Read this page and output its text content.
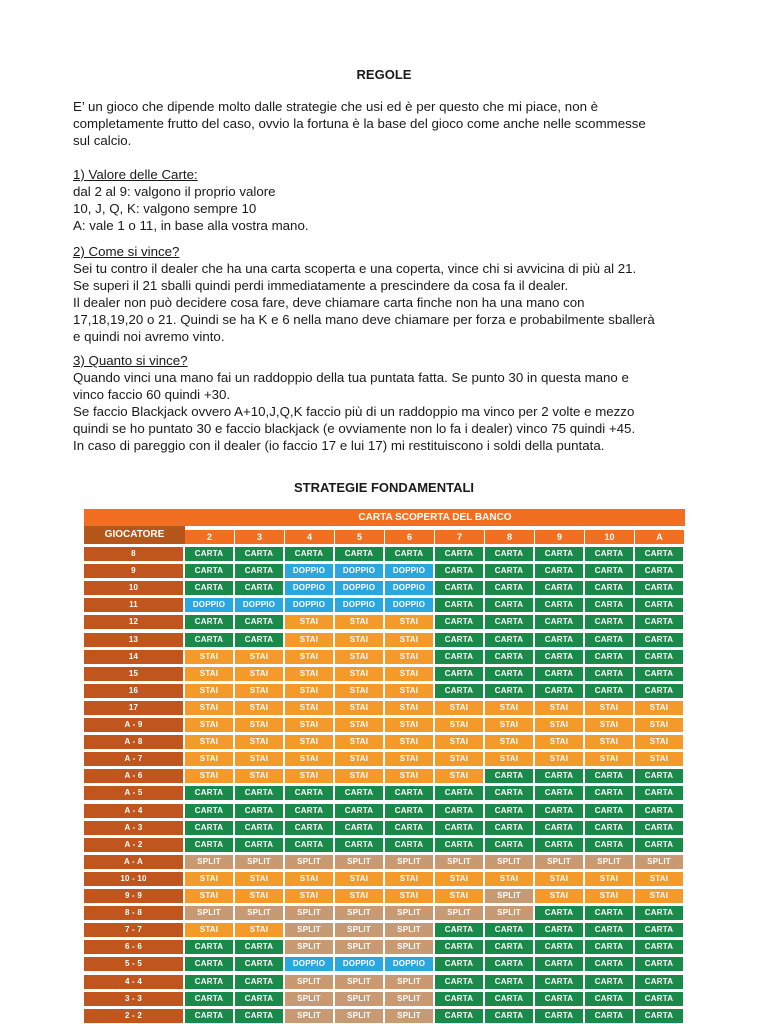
REGOLE

E’ un gioco che dipende molto dalle strategie che usi ed è per questo che mi piace, non è
completamente frutto del caso, ovvio la fortuna è la base del gioco come anche nelle scommesse
sul calcio.

1) Valore delle Carte:
dal 2 al 9: valgono il proprio valore
10, J, Q, K: valgono sempre 10
A: vale 1 o 11, in base alla vostra mano.

2) Come si vince?
Sei tu contro il dealer che ha una carta scoperta e una coperta, vince chi si avvicina di più al 21.
Se superi il 21 sballi quindi perdi immediatamente a prescindere da cosa fa il dealer.
Il dealer non può decidere cosa fare, deve chiamare carta finche non ha una mano con
17,18,19,20 o 21. Quindi se ha K e 6 nella mano deve chiamare per forza e probabilmente sballerà
e quindi noi avremo vinto.

3) Quanto si vince?
Quando vinci una mano fai un raddoppio della tua puntata fatta. Se punto 30 in questa mano e
vinco faccio 60 quindi +30.
Se faccio Blackjack ovvero A+10,J,Q,K faccio più di un raddoppio ma vinco per 2 volte e mezzo
quindi se ho puntato 30 e faccio blackjack (e ovviamente non lo fa i dealer) vinco 75 quindi +45.
In caso di pareggio con il dealer (io faccio 17 e lui 17) mi restituiscono i soldi della puntata.

STRATEGIE FONDAMENTALI
CARTA SCOPERTA DEL BANCO
GIOCATORE	2	3	4	5	6	7	8	9	10	A
8	CARTA	CARTA	CARTA	CARTA	CARTA	CARTA	CARTA	CARTA	CARTA	CARTA
9	CARTA	CARTA	DOPPIO	DOPPIO	DOPPIO	CARTA	CARTA	CARTA	CARTA	CARTA
10	CARTA	CARTA	DOPPIO	DOPPIO	DOPPIO	CARTA	CARTA	CARTA	CARTA	CARTA
11	DOPPIO	DOPPIO	DOPPIO	DOPPIO	DOPPIO	CARTA	CARTA	CARTA	CARTA	CARTA
12	CARTA	CARTA	STAI	STAI	STAI	CARTA	CARTA	CARTA	CARTA	CARTA
13	CARTA	CARTA	STAI	STAI	STAI	CARTA	CARTA	CARTA	CARTA	CARTA
14	STAI	STAI	STAI	STAI	STAI	CARTA	CARTA	CARTA	CARTA	CARTA
15	STAI	STAI	STAI	STAI	STAI	CARTA	CARTA	CARTA	CARTA	CARTA
16	STAI	STAI	STAI	STAI	STAI	CARTA	CARTA	CARTA	CARTA	CARTA
17	STAI	STAI	STAI	STAI	STAI	STAI	STAI	STAI	STAI	STAI
A - 9	STAI	STAI	STAI	STAI	STAI	STAI	STAI	STAI	STAI	STAI
A - 8	STAI	STAI	STAI	STAI	STAI	STAI	STAI	STAI	STAI	STAI
A - 7	STAI	STAI	STAI	STAI	STAI	STAI	STAI	STAI	STAI	STAI
A - 6	STAI	STAI	STAI	STAI	STAI	STAI	CARTA	CARTA	CARTA	CARTA
A - 5	CARTA	CARTA	CARTA	CARTA	CARTA	CARTA	CARTA	CARTA	CARTA	CARTA
A - 4	CARTA	CARTA	CARTA	CARTA	CARTA	CARTA	CARTA	CARTA	CARTA	CARTA
A - 3	CARTA	CARTA	CARTA	CARTA	CARTA	CARTA	CARTA	CARTA	CARTA	CARTA
A - 2	CARTA	CARTA	CARTA	CARTA	CARTA	CARTA	CARTA	CARTA	CARTA	CARTA
A - A	SPLIT	SPLIT	SPLIT	SPLIT	SPLIT	SPLIT	SPLIT	SPLIT	SPLIT	SPLIT
10 - 10	STAI	STAI	STAI	STAI	STAI	STAI	STAI	STAI	STAI	STAI
9 - 9	STAI	STAI	STAI	STAI	STAI	STAI	SPLIT	STAI	STAI	STAI
8 - 8	SPLIT	SPLIT	SPLIT	SPLIT	SPLIT	SPLIT	SPLIT	CARTA	CARTA	CARTA
7 - 7	STAI	STAI	SPLIT	SPLIT	SPLIT	CARTA	CARTA	CARTA	CARTA	CARTA
6 - 6	CARTA	CARTA	SPLIT	SPLIT	SPLIT	CARTA	CARTA	CARTA	CARTA	CARTA
5 - 5	CARTA	CARTA	DOPPIO	DOPPIO	DOPPIO	CARTA	CARTA	CARTA	CARTA	CARTA
4 - 4	CARTA	CARTA	SPLIT	SPLIT	SPLIT	CARTA	CARTA	CARTA	CARTA	CARTA
3 - 3	CARTA	CARTA	SPLIT	SPLIT	SPLIT	CARTA	CARTA	CARTA	CARTA	CARTA
2 - 2	CARTA	CARTA	SPLIT	SPLIT	SPLIT	CARTA	CARTA	CARTA	CARTA	CARTA
